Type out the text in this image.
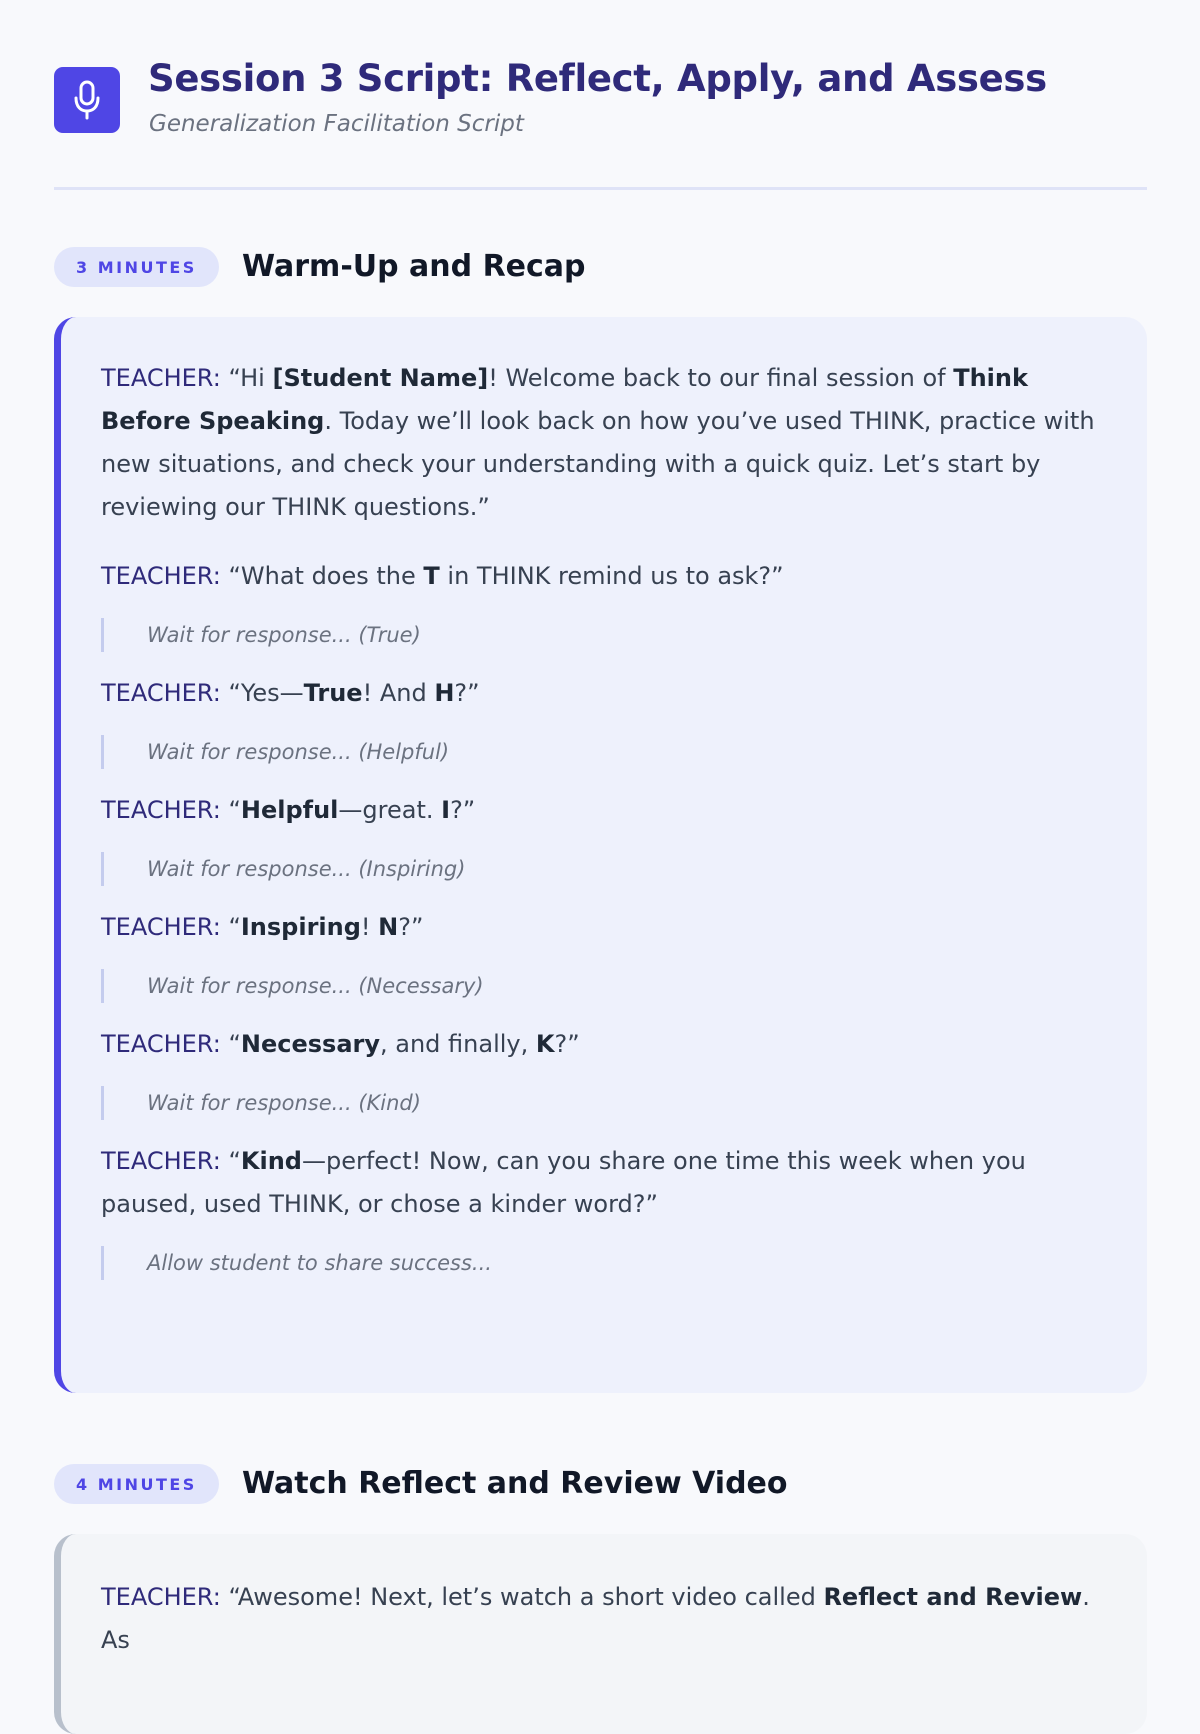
Session 3 Script: Reflect, Apply, and Assess
Generalization Facilitation Script
3 MINUTES	Warm-Up and Recap
TEACHER: “Hi [Student Name]! Welcome back to our final session of Think Before Speaking. Today we’ll look back on how you’ve used THINK, practice with new situations, and check your understanding with a quick quiz. Let’s start by reviewing our THINK questions.”
TEACHER: “What does the T in THINK remind us to ask?”
Wait for response... (True)
TEACHER: “Yes—True! And H?”
Wait for response... (Helpful)
TEACHER: “Helpful—great. I?”
Wait for response... (Inspiring)
TEACHER: “Inspiring! N?”
Wait for response... (Necessary)
TEACHER: “Necessary, and finally, K?”
Wait for response... (Kind)
TEACHER: “Kind—perfect! Now, can you share one time this week when you paused, used THINK, or chose a kinder word?”
Allow student to share success...
4 MINUTES	Watch Reflect and Review Video
TEACHER: “Awesome! Next, let’s watch a short video called Reflect and Review. As
